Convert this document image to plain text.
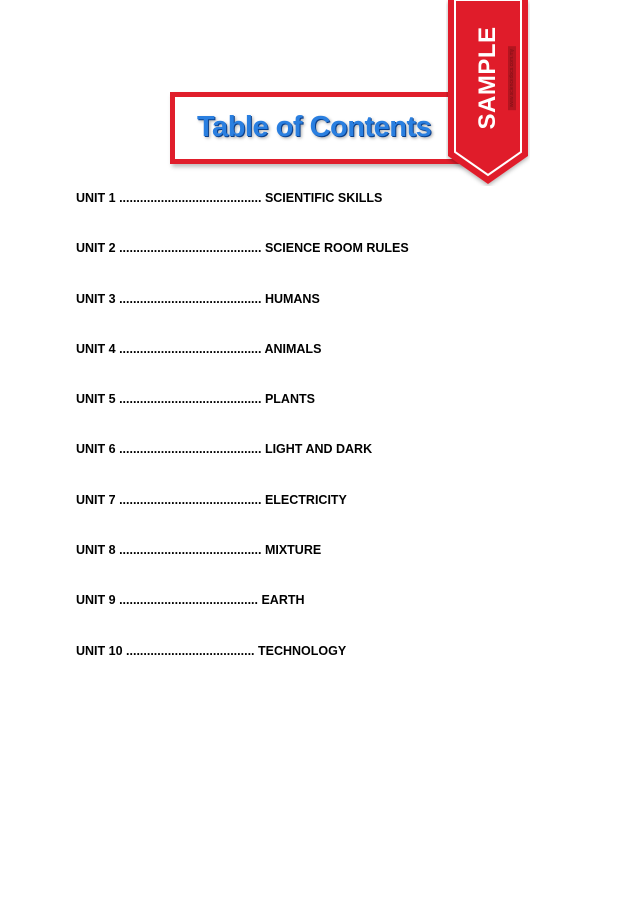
Table of Contents SAMPLE www.sciencedocs.com.my
UNIT 1 ......................................... SCIENTIFIC SKILLS
UNIT 2 ......................................... SCIENCE ROOM RULES
UNIT 3 ......................................... HUMANS
UNIT 4 ......................................... ANIMALS
UNIT 5 ......................................... PLANTS
UNIT 6 ......................................... LIGHT AND DARK
UNIT 7 ......................................... ELECTRICITY
UNIT 8 ......................................... MIXTURE
UNIT 9 ........................................ EARTH
UNIT 10 ..................................... TECHNOLOGY
